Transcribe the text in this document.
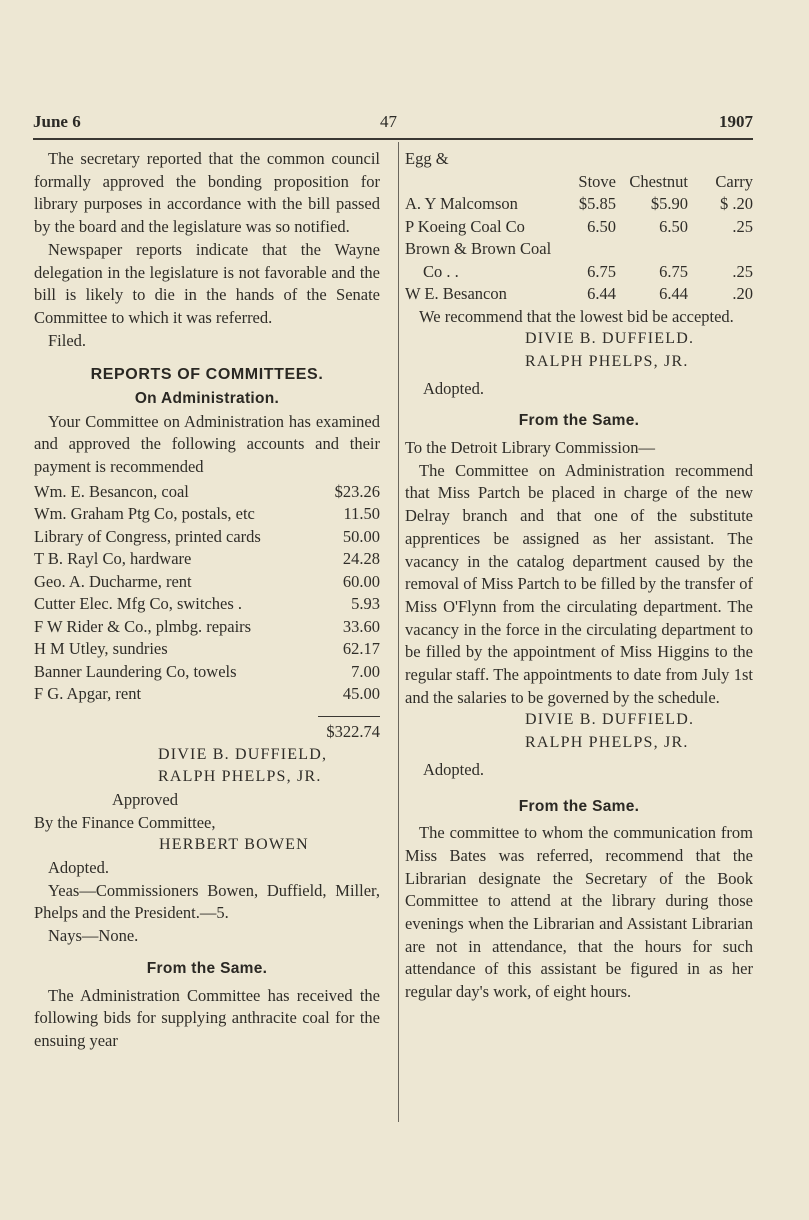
June 6	47	1907

The secretary reported that the common council formally approved the bonding proposition for library purposes in accordance with the bill passed by the board and the legislature was so notified.

Newspaper reports indicate that the Wayne delegation in the legislature is not favorable and the bill is likely to die in the hands of the Senate Committee to which it was referred.

Filed.

REPORTS OF COMMITTEES.
On Administration.

Your Committee on Administration has examined and approved the following accounts and their payment is recommended

Wm. E. Besancon, coal	$23.26
Wm. Graham Ptg Co, postals, etc	11.50
Library of Congress, printed cards	50.00
T B. Rayl Co, hardware	24.28
Geo. A. Ducharme, rent	60.00
Cutter Elec. Mfg Co, switches .	5.93
F W Rider & Co., plmbg. repairs	33.60
H M Utley, sundries	62.17
Banner Laundering Co, towels	7.00
F G. Apgar, rent	45.00
$322.74
DIVIE B. DUFFIELD,
RALPH PHELPS, JR.
Approved
By the Finance Committee,
HERBERT BOWEN

Adopted.

Yeas—Commissioners Bowen, Duffield, Miller, Phelps and the President.—5.

Nays—None.

From the Same.

The Administration Committee has received the following bids for supplying anthracite coal for the ensuing year

Egg &			
	Stove	Chestnut	Carry
A. Y Malcomson	$5.85	$5.90	$ .20
P Koeing Coal Co	6.50	6.50	.25
Brown & Brown Coal			
Co . .	6.75	6.75	.25
W E. Besancon	6.44	6.44	.20

We recommend that the lowest bid be accepted.

DIVIE B. DUFFIELD.
RALPH PHELPS, JR.
Adopted.
From the Same.

To the Detroit Library Commission—

The Committee on Administration recommend that Miss Partch be placed in charge of the new Delray branch and that one of the substitute apprentices be assigned as her assistant. The vacancy in the catalog department caused by the removal of Miss Partch to be filled by the transfer of Miss O'Flynn from the circulating department. The vacancy in the force in the circulating department to be filled by the appointment of Miss Higgins to the regular staff. The appointments to date from July 1st and the salaries to be governed by the schedule.

DIVIE B. DUFFIELD.
RALPH PHELPS, JR.
Adopted.
From the Same.

The committee to whom the communication from Miss Bates was referred, recommend that the Librarian designate the Secretary of the Book Committee to attend at the library during those evenings when the Librarian and Assistant Librarian are not in attendance, that the hours for such attendance of this assistant be figured in as her regular day's work, of eight hours.
